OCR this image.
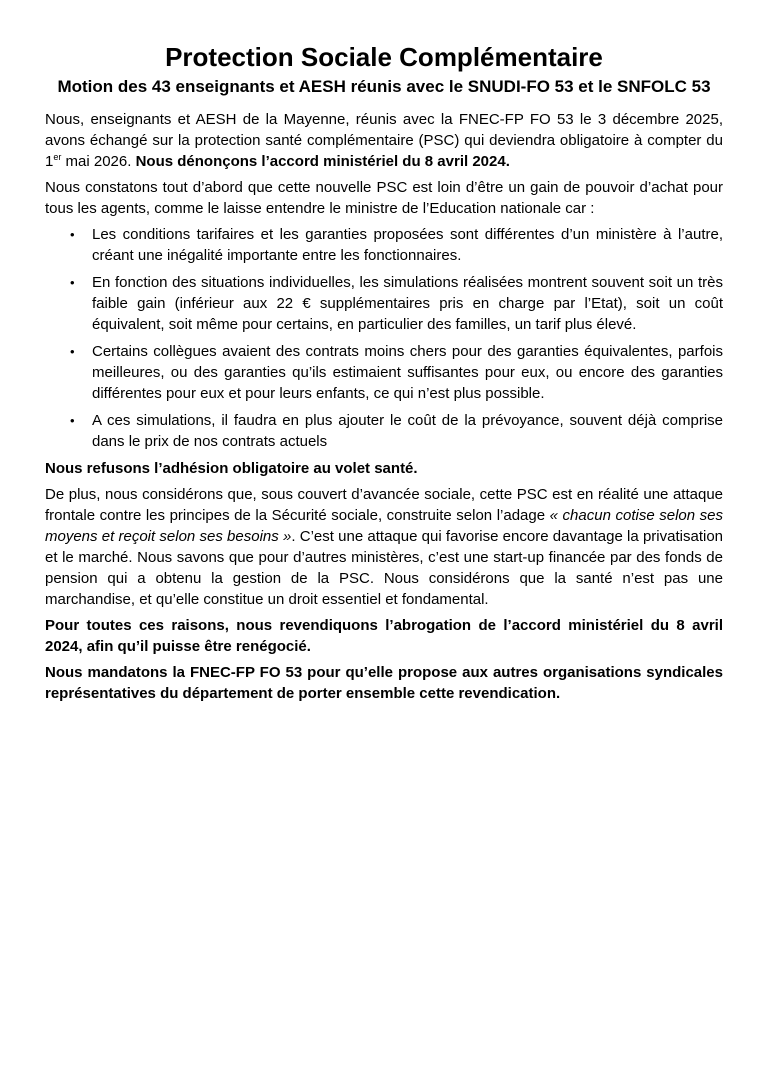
Protection Sociale Complémentaire
Motion des 43 enseignants et AESH réunis avec le SNUDI-FO 53 et le SNFOLC 53

Nous, enseignants et AESH de la Mayenne, réunis avec la FNEC-FP FO 53 le 3 décembre 2025, avons échangé sur la protection santé complémentaire (PSC) qui deviendra obligatoire à compter du 1er mai 2026. Nous dénonçons l’accord ministériel du 8 avril 2024.

Nous constatons tout d’abord que cette nouvelle PSC est loin d’être un gain de pouvoir d’achat pour tous les agents, comme le laisse entendre le ministre de l’Education nationale car :

•	Les conditions tarifaires et les garanties proposées sont différentes d’un ministère à l’autre, créant une inégalité importante entre les fonctionnaires.
•	En fonction des situations individuelles, les simulations réalisées montrent souvent soit un très faible gain (inférieur aux 22 € supplémentaires pris en charge par l’Etat), soit un coût équivalent, soit même pour certains, en particulier des familles, un tarif plus élevé.
•	Certains collègues avaient des contrats moins chers pour des garanties équivalentes, parfois meilleures, ou des garanties qu’ils estimaient suffisantes pour eux, ou encore des garanties différentes pour eux et pour leurs enfants, ce qui n’est plus possible.
•	A ces simulations, il faudra en plus ajouter le coût de la prévoyance, souvent déjà comprise dans le prix de nos contrats actuels

Nous refusons l’adhésion obligatoire au volet santé.

De plus, nous considérons que, sous couvert d’avancée sociale, cette PSC est en réalité une attaque frontale contre les principes de la Sécurité sociale, construite selon l’adage « chacun cotise selon ses moyens et reçoit selon ses besoins ». C’est une attaque qui favorise encore davantage la privatisation et le marché. Nous savons que pour d’autres ministères, c’est une start-up financée par des fonds de pension qui a obtenu la gestion de la PSC. Nous considérons que la santé n’est pas une marchandise, et qu’elle constitue un droit essentiel et fondamental.

Pour toutes ces raisons, nous revendiquons l’abrogation de l’accord ministériel du 8 avril 2024, afin qu’il puisse être renégocié.

Nous mandatons la FNEC-FP FO 53 pour qu’elle propose aux autres organisations syndicales représentatives du département de porter ensemble cette revendication.
